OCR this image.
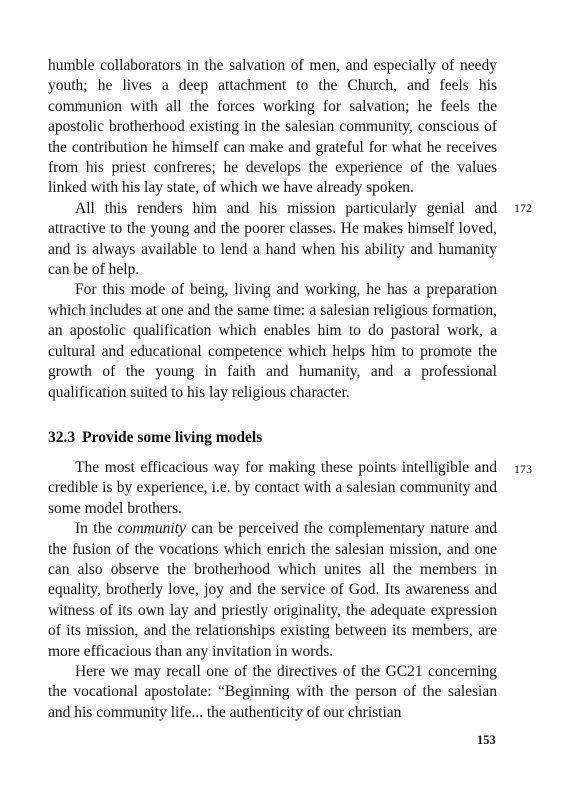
humble collaborators in the salvation of men, and especially of needy youth; he lives a deep attachment to the Church, and feels his communion with all the forces working for salvation; he feels the apostolic brotherhood existing in the salesian community, conscious of the contribution he himself can make and grateful for what he receives from his priest confreres; he develops the experience of the values linked with his lay state, of which we have already spoken.

All this renders him and his mission particularly genial and attractive to the young and the poorer classes. He makes himself loved, and is always available to lend a hand when his ability and humanity can be of help.

For this mode of being, living and working, he has a preparation which includes at one and the same time: a salesian religious formation, an apostolic qualification which enables him to do pastoral work, a cultural and educational competence which helps him to promote the growth of the young in faith and humanity, and a professional qualification suited to his lay religious character.

172
32.3 Provide some living models
173

The most efficacious way for making these points intelligible and credible is by experience, i.e. by contact with a salesian community and some model brothers.

In the community can be perceived the complementary nature and the fusion of the vocations which enrich the salesian mission, and one can also observe the brotherhood which unites all the members in equality, brotherly love, joy and the service of God. Its awareness and witness of its own lay and priestly originality, the adequate expression of its mission, and the relationships existing between its members, are more efficacious than any invitation in words.

Here we may recall one of the directives of the GC21 concerning the vocational apostolate: “Beginning with the person of the salesian and his community life... the authenticity of our christian

153
